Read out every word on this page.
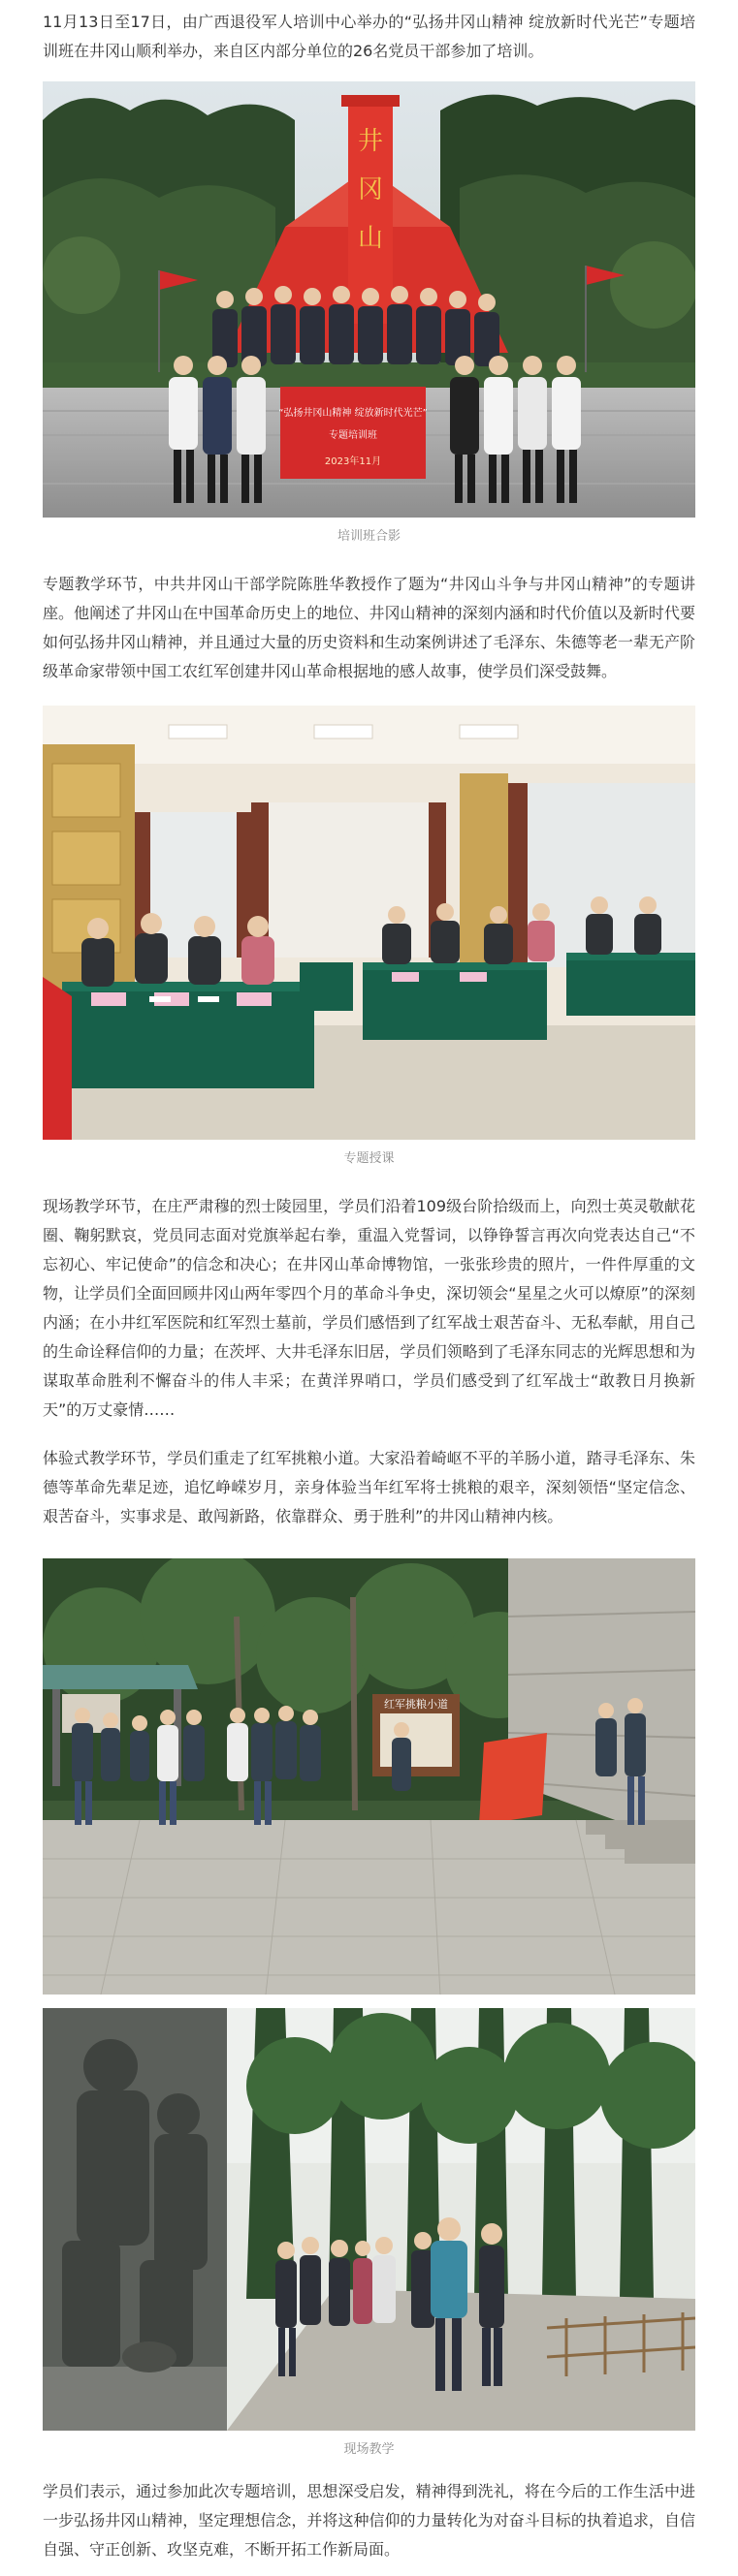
11月13日至17日，由广西退役军人培训中心举办的“弘扬井冈山精神 绽放新时代光芒”专题培训班在井冈山顺利举办，来自区内部分单位的26名党员干部参加了培训。

井
冈
山
“弘扬井冈山精神 绽放新时代光芒”
专题培训班
2023年11月

培训班合影

专题教学环节，中共井冈山干部学院陈胜华教授作了题为“井冈山斗争与井冈山精神”的专题讲座。他阐述了井冈山在中国革命历史上的地位、井冈山精神的深刻内涵和时代价值以及新时代要如何弘扬井冈山精神，并且通过大量的历史资料和生动案例讲述了毛泽东、朱德等老一辈无产阶级革命家带领中国工农红军创建井冈山革命根据地的感人故事，使学员们深受鼓舞。

专题授课

现场教学环节，在庄严肃穆的烈士陵园里，学员们沿着109级台阶拾级而上，向烈士英灵敬献花圈、鞠躬默哀，党员同志面对党旗举起右拳，重温入党誓词，以铮铮誓言再次向党表达自己“不忘初心、牢记使命”的信念和决心；在井冈山革命博物馆，一张张珍贵的照片，一件件厚重的文物，让学员们全面回顾井冈山两年零四个月的革命斗争史，深切领会“星星之火可以燎原”的深刻内涵；在小井红军医院和红军烈士墓前，学员们感悟到了红军战士艰苦奋斗、无私奉献，用自己的生命诠释信仰的力量；在茨坪、大井毛泽东旧居，学员们领略到了毛泽东同志的光辉思想和为谋取革命胜利不懈奋斗的伟人丰采；在黄洋界哨口，学员们感受到了红军战士“敢教日月换新天”的万丈豪情……

体验式教学环节，学员们重走了红军挑粮小道。大家沿着崎岖不平的羊肠小道，踏寻毛泽东、朱德等革命先辈足迹，追忆峥嵘岁月，亲身体验当年红军将士挑粮的艰辛，深刻领悟“坚定信念、艰苦奋斗，实事求是、敢闯新路，依靠群众、勇于胜利”的井冈山精神内核。

红军挑粮小道

现场教学

学员们表示，通过参加此次专题培训，思想深受启发，精神得到洗礼，将在今后的工作生活中进一步弘扬井冈山精神，坚定理想信念，并将这种信仰的力量转化为对奋斗目标的执着追求，自信自强、守正创新、攻坚克难，不断开拓工作新局面。
